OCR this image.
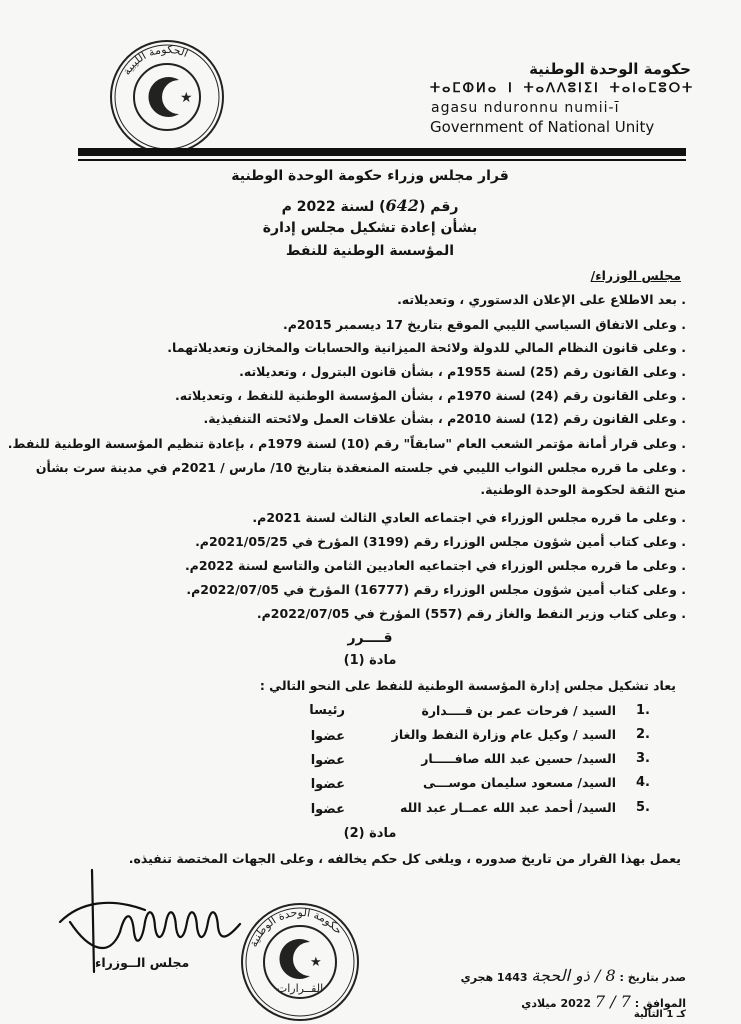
الحكومة الليبية
★
حكومة الوحدة الوطنية
ⵜⴰⵎⵀⵍⴰ ⵏ ⵜⴰⴷⴷⵓⵏⵉⵏ ⵜⴰⵏⴰⵎⵓⵔⵜ
agasu nduronnu numii-ī
Government of National Unity
قرار مجلس وزراء حكومة الوحدة الوطنية
رقم (642) لسنة 2022 م
بشأن إعادة تشكيل مجلس إدارة
المؤسسة الوطنية للنفط
مجلس الوزراء/
. بعد الاطلاع على الإعلان الدستوري ، وتعديلاته.
. وعلى الاتفاق السياسي الليبي الموقع بتاريخ 17 ديسمبر 2015م.
. وعلى قانون النظام المالي للدولة ولائحة الميزانية والحسابات والمخازن وتعديلاتهما.
. وعلى القانون رقم (25) لسنة 1955م ، بشأن قانون البترول ، وتعديلاته.
. وعلى القانون رقم (24) لسنة 1970م ، بشأن المؤسسة الوطنية للنفط ، وتعديلاته.
. وعلى القانون رقم (12) لسنة 2010م ، بشأن علاقات العمل ولائحته التنفيذية.
. وعلى قرار أمانة مؤتمر الشعب العام "سابقاً" رقم (10) لسنة 1979م ، بإعادة تنظيم المؤسسة الوطنية للنفط.
. وعلى ما قرره مجلس النواب الليبي في جلسته المنعقدة بتاريخ 10/ مارس / 2021م في مدينة سرت بشأن
منح الثقة لحكومة الوحدة الوطنية.
. وعلى ما قرره مجلس الوزراء في اجتماعه العادي الثالث لسنة 2021م.
. وعلى كتاب أمين شؤون مجلس الوزراء رقم (3199) المؤرخ في 2021/05/25م.
. وعلى ما قرره مجلس الوزراء في اجتماعيه العاديين الثامن والتاسع لسنة 2022م.
. وعلى كتاب أمين شؤون مجلس الوزراء رقم (16777) المؤرخ في 2022/07/05م.
. وعلى كتاب وزير النفط والغاز رقم (557) المؤرخ في 2022/07/05م.
قــــرر
مادة (1)
يعاد تشكيل مجلس إدارة المؤسسة الوطنية للنفط على النحو التالي :
1.
السيد / فرحات عمر بن قــــدارة
رئيسا
2.
السيد / وكيل عام وزارة النفط والغاز
عضوا
3.
السيد/ حسين عبد الله صافـــــار
عضوا
4.
السيد/ مسعود سليمان موســـى
عضوا
5.
السيد/ أحمد عبد الله عمــار عبد الله
عضوا
مادة (2)
يعمل بهذا القرار من تاريخ صدوره ، ويلغى كل حكم يخالفه ، وعلى الجهات المختصة تنفيذه.
مجلس الــوزراء
حكومة الوحدة الوطنية
★
القــرارات
صدر بتاريخ : 8 / ذو الحجة 1443 هجري
الموافق : 7 / 7 2022 ميلادي
كـ 1 التالية
